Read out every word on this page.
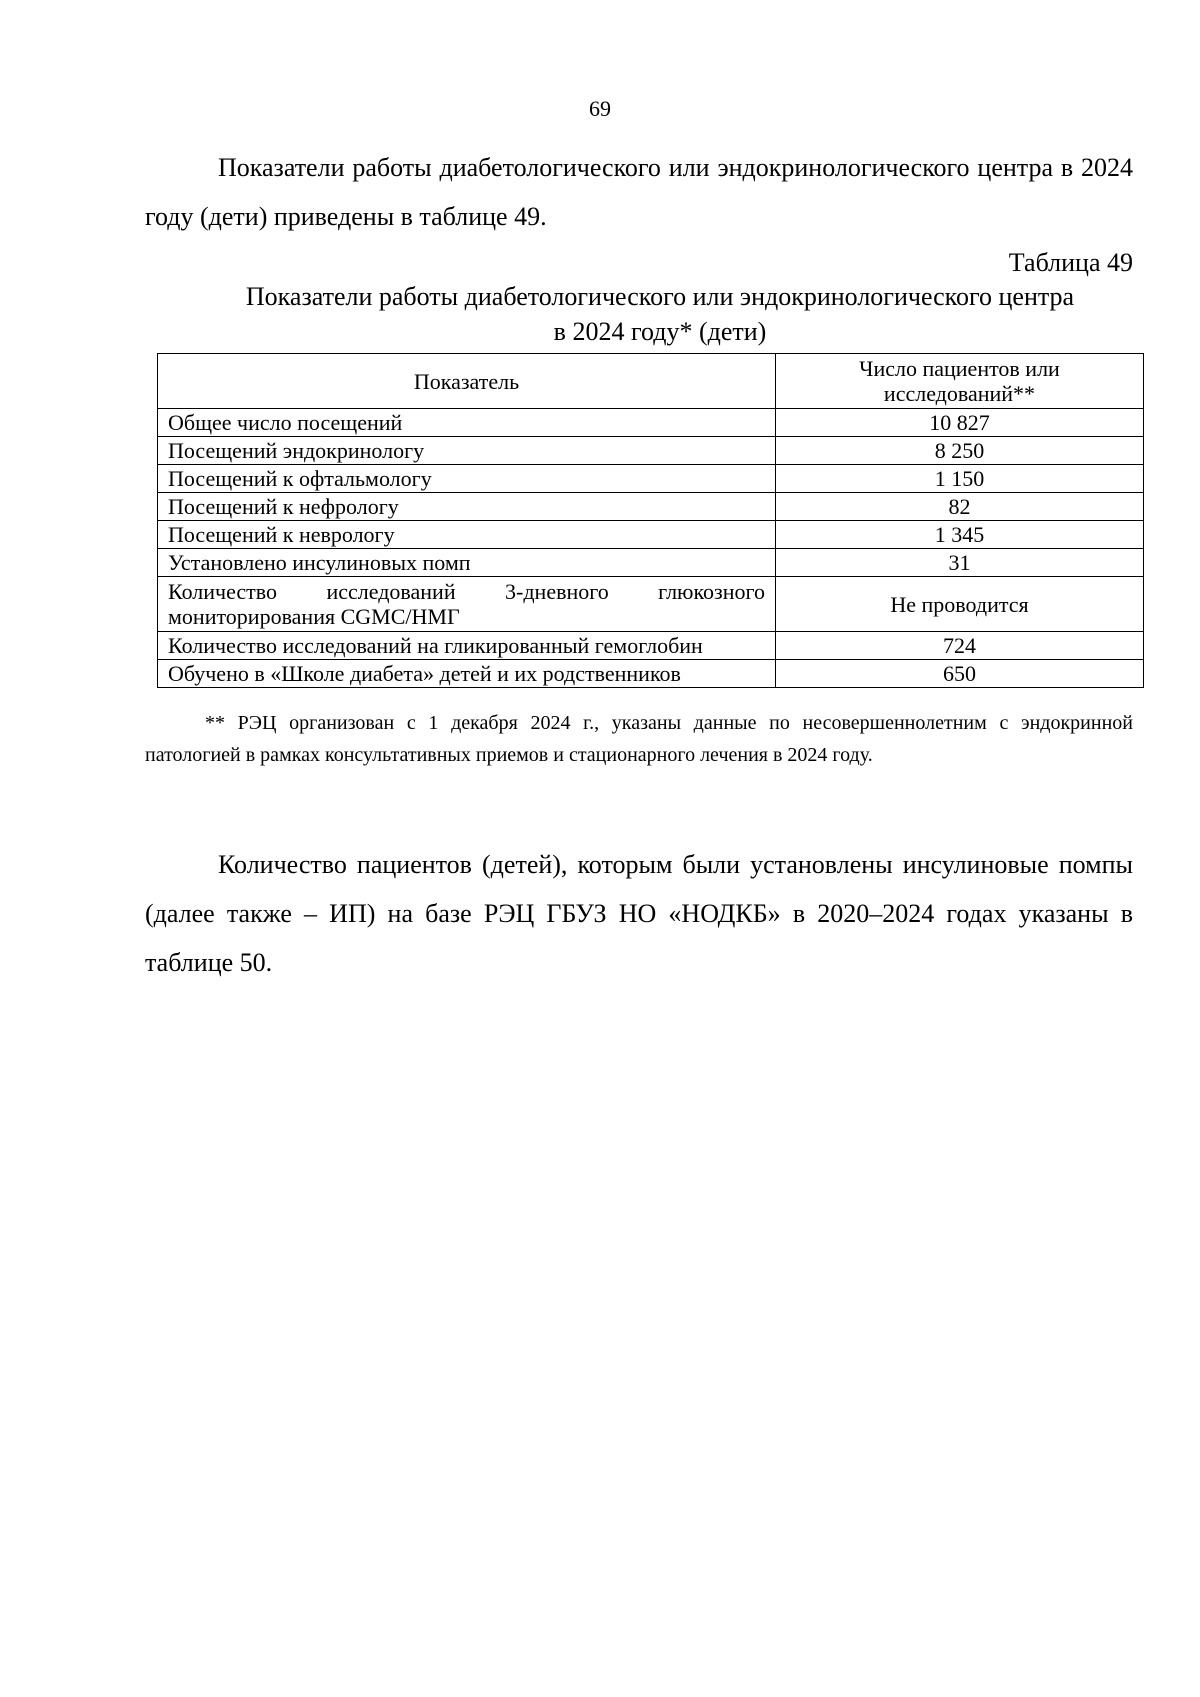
69

Показатели работы диабетологического или эндокринологического центра в 2024 году (дети) приведены в таблице 49.

Таблица 49
Показатели работы диабетологического или эндокринологического центра
в 2024 году* (дети)
Показатель	Число пациентов или исследований**
Общее число посещений	10 827
Посещений эндокринологу	8 250
Посещений к офтальмологу	1 150
Посещений к нефрологу	82
Посещений к неврологу	1 345
Установлено инсулиновых помп	31
Количество исследований 3-дневного глюкозного мониторирования CGMC/НМГ	Не проводится
Количество исследований на гликированный гемоглобин	724
Обучено в «Школе диабета» детей и их родственников	650

** РЭЦ организован с 1 декабря 2024 г., указаны данные по несовершеннолетним с эндокринной патологией в рамках консультативных приемов и стационарного лечения в 2024 году.

Количество пациентов (детей), которым были установлены инсулиновые помпы (далее также – ИП) на базе РЭЦ ГБУЗ НО «НОДКБ» в 2020–2024 годах указаны в таблице 50.
